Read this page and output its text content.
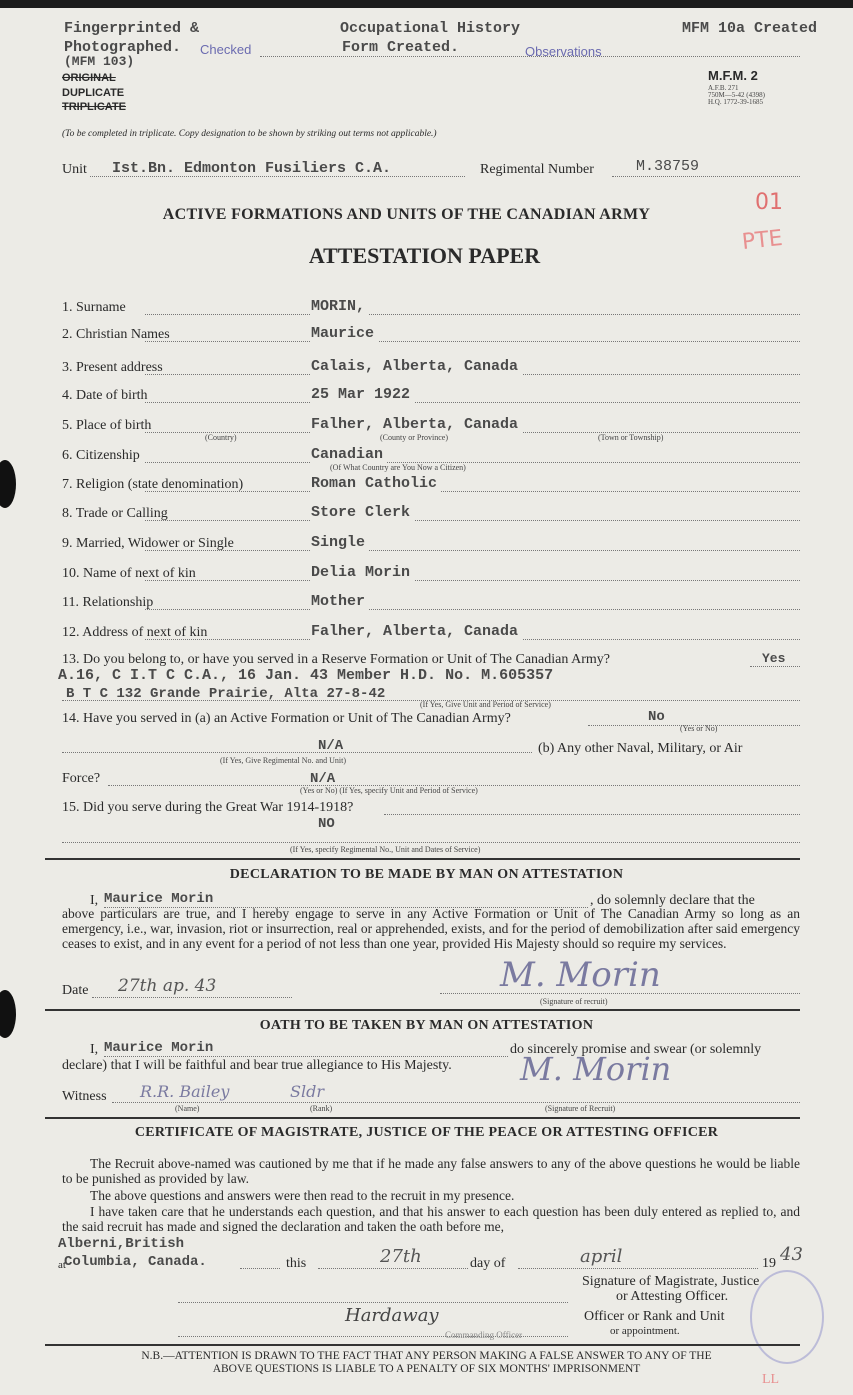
Fingerprinted &
Photographed. Checked
(MFM 103)
Occupational History
Form Created.	Observations
MFM 10a Created
ORIGINAL
DUPLICATE
TRIPLICATE
M.F.M. 2
A.F.B. 271
750M—5-42 (4398)
H.Q. 1772-39-1685
(To be completed in triplicate. Copy designation to be shown by striking out terms not applicable.)
Unit Ist.Bn. Edmonton Fusiliers C.A.	Regimental Number	M.38759
ACTIVE FORMATIONS AND UNITS OF THE CANADIAN ARMY
ATTESTATION PAPER
01
PTE
1. Surname	MORIN,
2. Christian Names	Maurice
3. Present address	Calais, Alberta, Canada
4. Date of birth	25 Mar 1922
5. Place of birth	Falher, Alberta, Canada
6. Citizenship	Canadian
7. Religion (state denomination)	Roman Catholic
8. Trade or Calling	Store Clerk
9. Married, Widower or Single	Single
10. Name of next of kin	Delia Morin
11. Relationship	Mother
12. Address of next of kin	Falher, Alberta, Canada
(Country)	(County or Province)	(Town or Township)
(Of What Country are You Now a Citizen)
13. Do you belong to, or have you served in a Reserve Formation or Unit of The Canadian Army?	Yes
A.16, C I.T C C.A., 16 Jan. 43 Member H.D. No. M.605357
B T C 132 Grande Prairie, Alta 27-8-42
(If Yes, Give Unit and Period of Service)
14. Have you served in (a) an Active Formation or Unit of The Canadian Army?	No
(Yes or No)
N/A
(If Yes, Give Regimental No. and Unit)
(b) Any other Naval, Military, or Air
Force?	N/A
(Yes or No) (If Yes, specify Unit and Period of Service)
15. Did you serve during the Great War 1914-1918?
NO
(If Yes, specify Regimental No., Unit and Dates of Service)
DECLARATION TO BE MADE BY MAN ON ATTESTATION
I, Maurice Morin	, do solemnly declare that the
above particulars are true, and I hereby engage to serve in any Active Formation or Unit of The Canadian Army so long as an emergency, i.e., war, invasion, riot or insurrection, real or apprehended, exists, and for the period of demobilization after said emergency ceases to exist, and in any event for a period of not less than one year, provided His Majesty should so require my services.
Date 27th ap. 43	M. Morin
(Signature of recruit)
OATH TO BE TAKEN BY MAN ON ATTESTATION
I, Maurice Morin	do sincerely promise and swear (or solemnly
declare) that I will be faithful and bear true allegiance to His Majesty.
Witness R.R. Bailey	Sldr
M. Morin
(Name)	(Rank)	(Signature of Recruit)
CERTIFICATE OF MAGISTRATE, JUSTICE OF THE PEACE OR ATTESTING OFFICER
The Recruit above-named was cautioned by me that if he made any false answers to any of the above questions he would be liable to be punished as provided by law.
The above questions and answers were then read to the recruit in my presence.
I have taken care that he understands each question, and that his answer to each question has been duly entered as replied to, and the said recruit has made and signed the declaration and taken the oath before me,
Alberni,British
at
Columbia, Canada.	this	27th	day of	april	19 43
Hardaway
Commanding Officer
Signature of Magistrate, Justice
or Attesting Officer.
Officer or Rank and Unit
or appointment.
N.B.—ATTENTION IS DRAWN TO THE FACT THAT ANY PERSON MAKING A FALSE ANSWER TO ANY OF THE
ABOVE QUESTIONS IS LIABLE TO A PENALTY OF SIX MONTHS' IMPRISONMENT
LL
